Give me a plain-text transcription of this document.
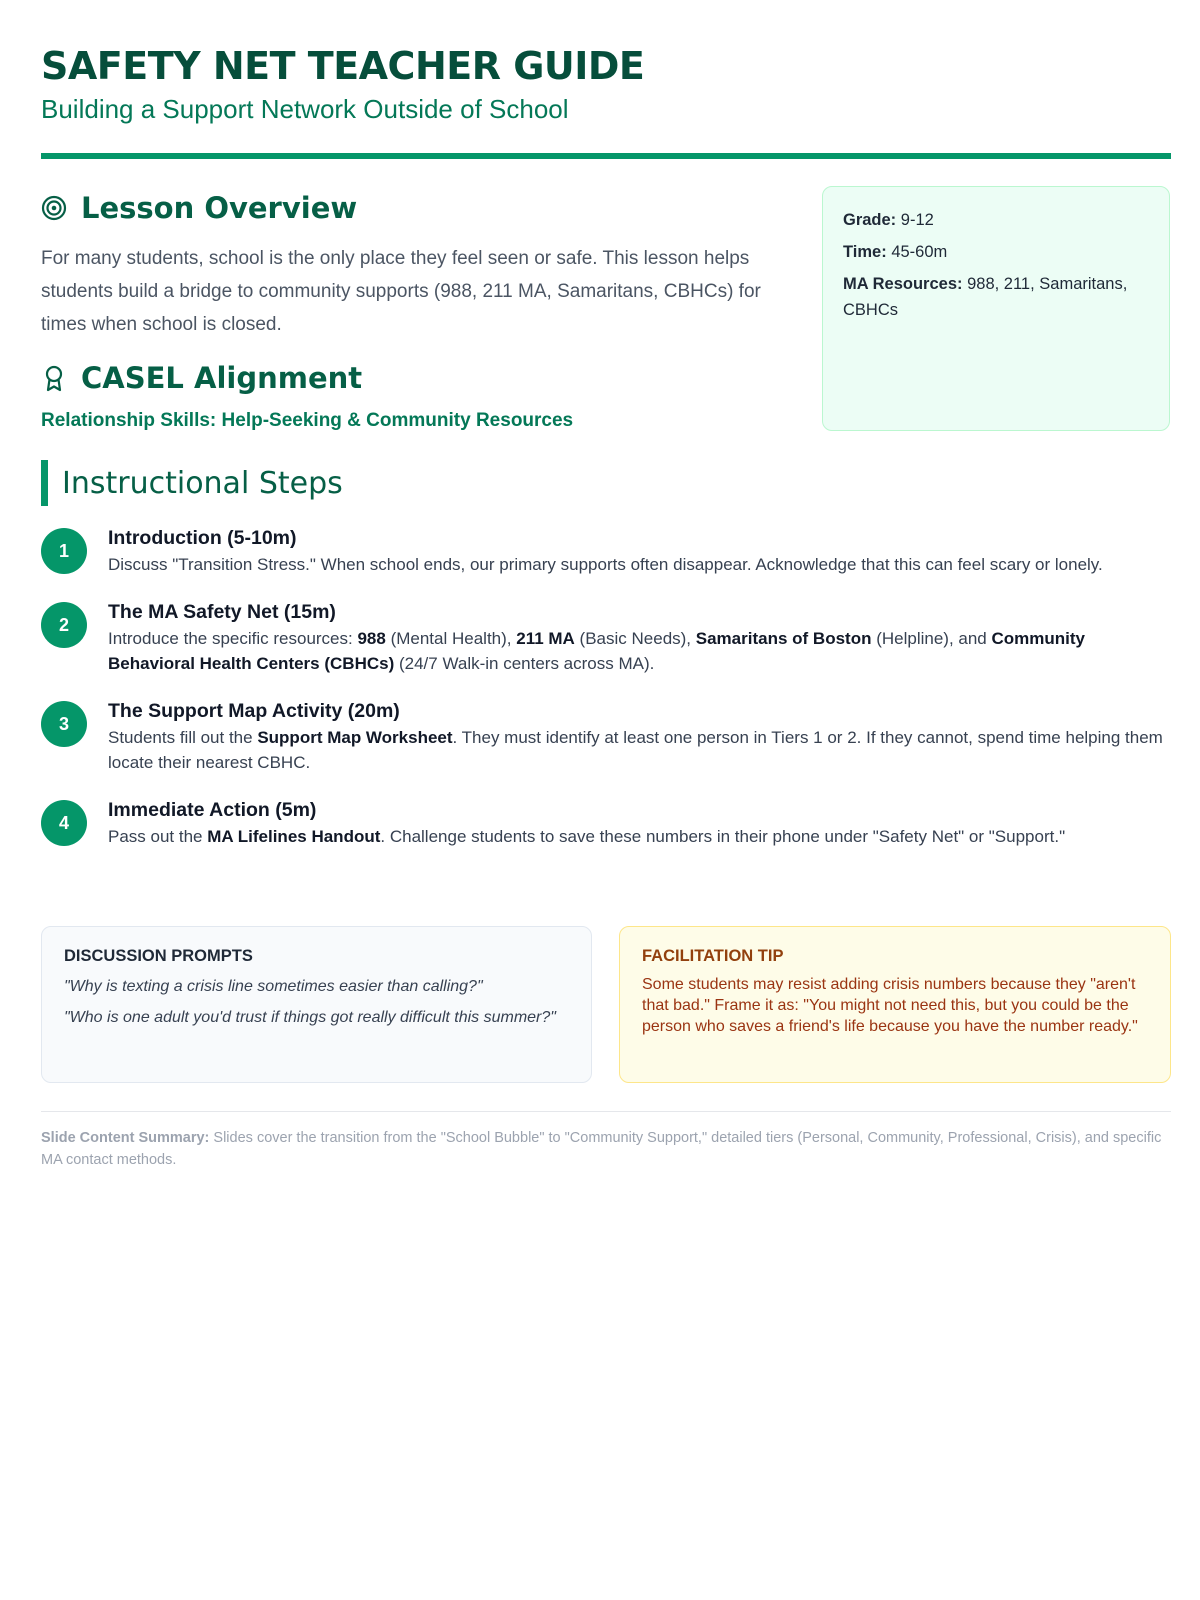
SAFETY NET TEACHER GUIDE

Building a Support Network Outside of School

Lesson Overview

For many students, school is the only place they feel seen or safe. This lesson helps students build a bridge to community supports (988, 211 MA, Samaritans, CBHCs) for times when school is closed.

CASEL Alignment

Relationship Skills: Help-Seeking & Community Resources

Grade: 9-12

Time: 45-60m

MA Resources: 988, 211, Samaritans, CBHCs

Instructional Steps
1
Introduction (5-10m)
Discuss "Transition Stress." When school ends, our primary supports often disappear. Acknowledge that this can feel scary or lonely.
2
The MA Safety Net (15m)
Introduce the specific resources: 988 (Mental Health), 211 MA (Basic Needs), Samaritans of Boston (Helpline), and Community Behavioral Health Centers (CBHCs) (24/7 Walk-in centers across MA).
3
The Support Map Activity (20m)
Students fill out the Support Map Worksheet. They must identify at least one person in Tiers 1 or 2. If they cannot, spend time helping them locate their nearest CBHC.
4
Immediate Action (5m)
Pass out the MA Lifelines Handout. Challenge students to save these numbers in their phone under "Safety Net" or "Support."

DISCUSSION PROMPTS

"Why is texting a crisis line sometimes easier than calling?"

"Who is one adult you'd trust if things got really difficult this summer?"

FACILITATION TIP

Some students may resist adding crisis numbers because they "aren't that bad." Frame it as: "You might not need this, but you could be the person who saves a friend's life because you have the number ready."

Slide Content Summary: Slides cover the transition from the "School Bubble" to "Community Support," detailed tiers (Personal, Community, Professional, Crisis), and specific MA contact methods.
